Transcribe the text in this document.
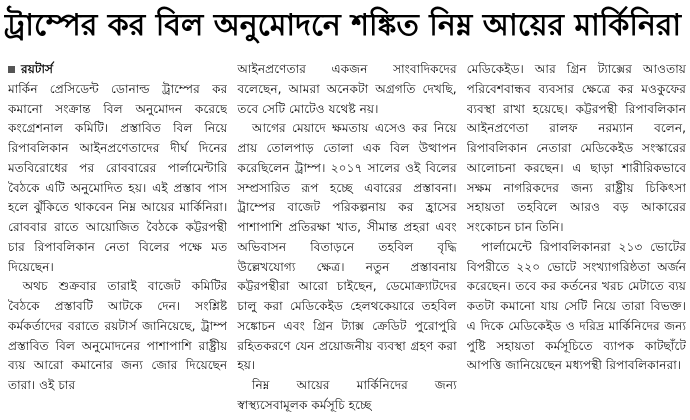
ট্রাম্পের কর বিল অনুমোদনে শঙ্কিত নিম্ন আয়ের মার্কিনিরা

রয়টার্স

মার্কিন প্রেসিডেন্ট ডোনাল্ড ট্রাম্পের কর কমানো সংক্রান্ত বিল অনুমোদন করেছে কংগ্রেশনাল কমিটি। প্রস্তাবিত বিল নিয়ে রিপাবলিকান আইনপ্রণেতাদের দীর্ঘ দিনের মতবিরোধের পর রোববারের পার্লামেন্টারি বৈঠকে এটি অনুমোদিত হয়। এই প্রস্তাব পাস হলে ঝুঁকিতে থাকবেন নিম্ন আয়ের মার্কিনিরা। রোববার রাতে আয়োজিত বৈঠকে কট্টরপন্থী চার রিপাবলিকান নেতা বিলের পক্ষে মত দিয়েছেন।

অথচ শুক্রবার তারাই বাজেট কমিটির বৈঠকে প্রস্তাবটি আটকে দেন। সংশ্লিষ্ট কর্মকর্তাদের বরাতে রয়টার্স জানিয়েছে, ট্রাম্প প্রস্তাবিত বিল অনুমোদনের পাশাপাশি রাষ্ট্রীয় ব্যয় আরো কমানোর জন্য জোর দিয়েছেন তারা। ওই চার

আইনপ্রণেতার একজন সাংবাদিকদের বলেছেন, আমরা অনেকটা অগ্রগতি দেখছি, তবে সেটি মোটেও যথেষ্ট নয়।

আগের মেয়াদে ক্ষমতায় এসেও কর নিয়ে প্রায় তোলপাড় তোলা এক বিল উত্থাপন করেছিলেন ট্রাম্প। ২০১৭ সালের ওই বিলের সম্প্রসারিত রূপ হচ্ছে এবারের প্রস্তাবনা। ট্রাম্পের বাজেট পরিকল্পনায় কর হ্রাসের পাশাপাশি প্রতিরক্ষা খাত, সীমান্ত প্রহরা এবং অভিবাসন বিতাড়নে তহবিল বৃদ্ধি উল্লেখযোগ্য ক্ষেত্র। নতুন প্রস্তাবনায় কট্টরপন্থীরা আরো চাইছেন, ডেমোক্র্যাটদের চালু করা মেডিকেইড হেলথকেয়ারে তহবিল সঙ্কোচন এবং গ্রিন ট্যাক্স ক্রেডিট পুরোপুরি রহিতকরণে যেন প্রয়োজনীয় ব্যবস্থা গ্রহণ করা হয়।

নিম্ন আয়ের মার্কিনিদের জন্য স্বাস্থ্যসেবামূলক কর্মসূচি হচ্ছে

মেডিকেইড। আর গ্রিন ট্যাক্সের আওতায় পরিবেশবান্ধব ব্যবসার ক্ষেত্রে কর মওকুফের ব্যবস্থা রাখা হয়েছে। কট্টরপন্থী রিপাবলিকান আইনপ্রণেতা রালফ নরম্যান বলেন, রিপাবলিকান নেতারা মেডিকেইড সংস্কারের আলোচনা করছেন। এ ছাড়া শারীরিকভাবে সক্ষম নাগরিকদের জন্য রাষ্ট্রীয় চিকিৎসা সহায়তা তহবিলে আরও বড় আকারের সংকোচন চান তিনি।

পার্লামেন্টে রিপাবলিকানরা ২১৩ ভোটের বিপরীতে ২২০ ভোটে সংখ্যাগরিষ্ঠতা অর্জন করেছেন। তবে কর কর্তনের খরচ মেটাতে ব্যয় কতটা কমানো যায় সেটি নিয়ে তারা বিভক্ত। এ দিকে মেডিকেইড ও দরিদ্র মার্কিনিদের জন্য পুষ্টি সহায়তা কর্মসূচিতে ব্যাপক কাটছাঁটে আপত্তি জানিয়েছেন মধ্যপন্থী রিপাবলিকানরা।
